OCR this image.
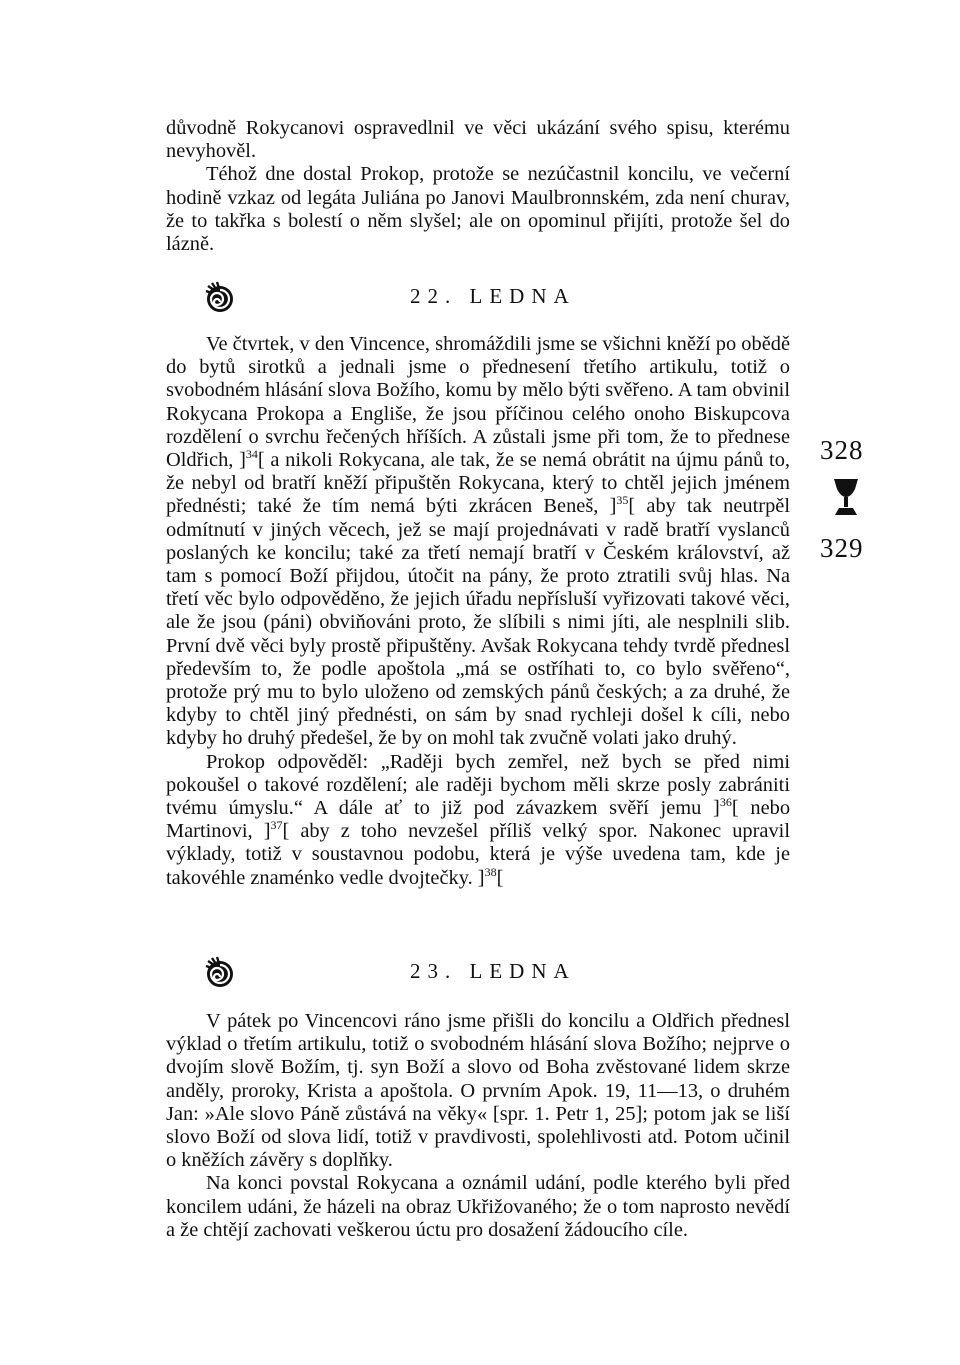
důvodně Rokycanovi ospravedlnil ve věci ukázání svého spisu, kterému nevyhověl.

Téhož dne dostal Prokop, protože se nezúčastnil koncilu, ve večerní hodině vzkaz od legáta Juliána po Janovi Maulbronnském, zda není churav, že to takřka s bolestí o něm slyšel; ale on opominul přijíti, protože šel do lázně.

22. LEDNA

Ve čtvrtek, v den Vincence, shromáždili jsme se všichni kněží po obědě do bytů sirotků a jednali jsme o přednesení třetího artikulu, totiž o svobodném hlásání slova Božího, komu by mělo býti svěřeno. A tam obvinil Rokycana Prokopa a Engliše, že jsou příčinou celého onoho Biskupcova rozdělení o svrchu řečených hříších. A zůstali jsme při tom, že to přednese Oldřich, ]$^{34}$[ a nikoli Rokycana, ale tak, že se nemá obrátit na újmu pánů to, že nebyl od bratří kněží připuštěn Rokycana, který to chtěl jejich jménem přednésti; také že tím nemá býti zkrácen Beneš, ]$^{35}$[ aby tak neutrpěl odmítnutí v jiných věcech, jež se mají projednávati v radě bratří vyslanců poslaných ke koncilu; také za třetí nemají bratří v Českém království, až tam s pomocí Boží přijdou, útočit na pány, že proto ztratili svůj hlas. Na třetí věc bylo odpověděno, že jejich úřadu nepřísluší vyřizovati takové věci, ale že jsou (páni) obviňováni proto, že slíbili s nimi jíti, ale nesplnili slib. První dvě věci byly prostě připuštěny. Avšak Rokycana tehdy tvrdě přednesl především to, že podle apoštola „má se ostříhati to, co bylo svěřeno“, protože prý mu to bylo uloženo od zemských pánů českých; a za druhé, že kdyby to chtěl jiný přednésti, on sám by snad rychleji došel k cíli, nebo kdyby ho druhý předešel, že by on mohl tak zvučně volati jako druhý.

Prokop odpověděl: „Raději bych zemřel, než bych se před nimi pokoušel o takové rozdělení; ale raději bychom měli skrze posly zabrániti tvému úmyslu.“ A dále ať to již pod závazkem svěří jemu ]$^{36}$[ nebo Martinovi, ]$^{37}$[ aby z toho nevzešel příliš velký spor. Nakonec upravil výklady, totiž v soustavnou podobu, která je výše uvedena tam, kde je takovéhle znaménko vedle dvojtečky. ]$^{38}$[

23. LEDNA

V pátek po Vincencovi ráno jsme přišli do koncilu a Oldřich přednesl výklad o třetím artikulu, totiž o svobodném hlásání slova Božího; nejprve o dvojím slově Božím, tj. syn Boží a slovo od Boha zvěstované lidem skrze anděly, proroky, Krista a apoštola. O prvním Apok. 19, 11—13, o druhém Jan: »Ale slovo Páně zůstává na věky« [spr. 1. Petr 1, 25]; potom jak se liší slovo Boží od slova lidí, totiž v pravdivosti, spolehlivosti atd. Potom učinil o kněžích závěry s doplňky.

Na konci povstal Rokycana a oznámil udání, podle kterého byli před koncilem udáni, že házeli na obraz Ukřižovaného; že o tom naprosto nevědí a že chtějí zachovati veškerou úctu pro dosažení žádoucího cíle.

328
329
